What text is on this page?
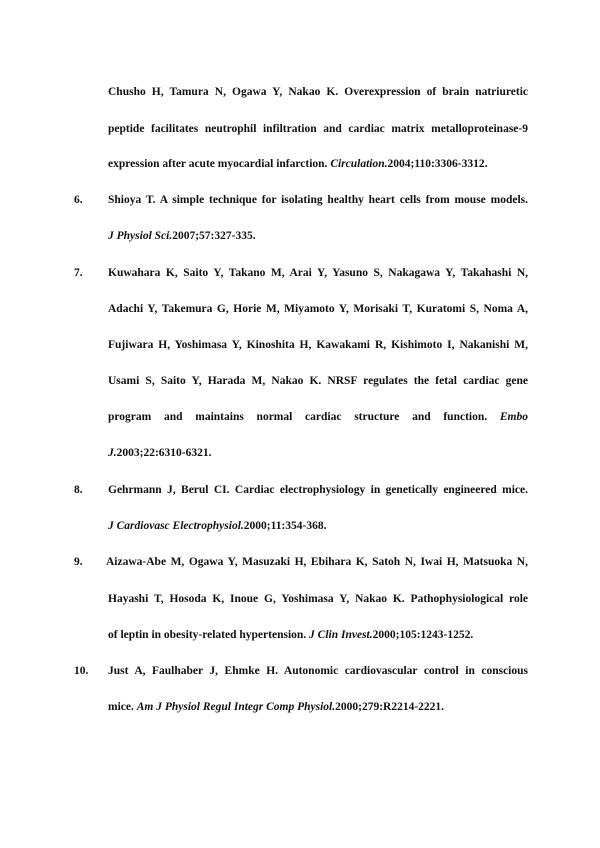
Chusho H, Tamura N, Ogawa Y, Nakao K. Overexpression of brain natriuretic
peptide facilitates neutrophil infiltration and cardiac matrix metalloproteinase-9
expression after acute myocardial infarction. Circulation.2004;110:3306-3312.
6. Shioya T. A simple technique for isolating healthy heart cells from mouse models.
J Physiol Sci.2007;57:327-335.
7. Kuwahara K, Saito Y, Takano M, Arai Y, Yasuno S, Nakagawa Y, Takahashi N,
Adachi Y, Takemura G, Horie M, Miyamoto Y, Morisaki T, Kuratomi S, Noma A,
Fujiwara H, Yoshimasa Y, Kinoshita H, Kawakami R, Kishimoto I, Nakanishi M,
Usami S, Saito Y, Harada M, Nakao K. NRSF regulates the fetal cardiac gene
program and maintains normal cardiac structure and function. Embo
J.2003;22:6310-6321.
8. Gehrmann J, Berul CI. Cardiac electrophysiology in genetically engineered mice.
J Cardiovasc Electrophysiol.2000;11:354-368.
9. Aizawa-Abe M, Ogawa Y, Masuzaki H, Ebihara K, Satoh N, Iwai H, Matsuoka N,
Hayashi T, Hosoda K, Inoue G, Yoshimasa Y, Nakao K. Pathophysiological role
of leptin in obesity-related hypertension. J Clin Invest.2000;105:1243-1252.
10. Just A, Faulhaber J, Ehmke H. Autonomic cardiovascular control in conscious
mice. Am J Physiol Regul Integr Comp Physiol.2000;279:R2214-2221.
